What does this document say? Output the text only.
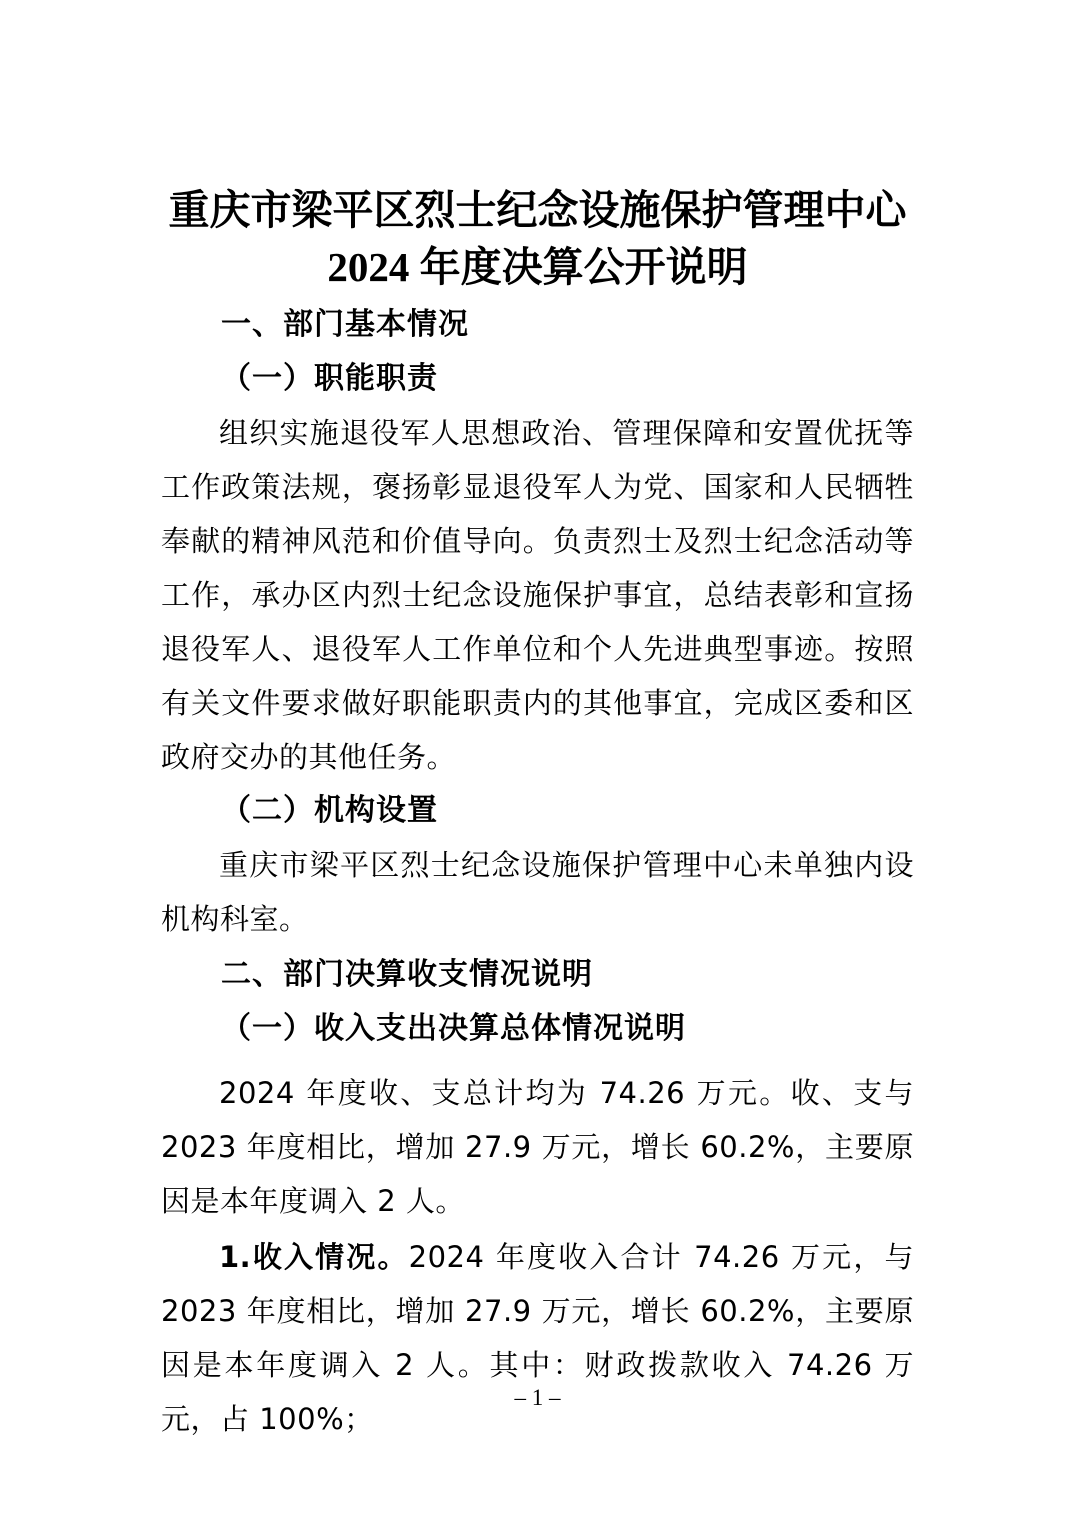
重庆市梁平区烈士纪念设施保护管理中心
2024 年度决算公开说明
一、部门基本情况
（一）职能职责

组织实施退役军人思想政治、管理保障和安置优抚等工作政策法规，褒扬彰显退役军人为党、国家和人民牺牲奉献的精神风范和价值导向。负责烈士及烈士纪念活动等工作，承办区内烈士纪念设施保护事宜，总结表彰和宣扬退役军人、退役军人工作单位和个人先进典型事迹。按照有关文件要求做好职能职责内的其他事宜，完成区委和区政府交办的其他任务。

（二）机构设置

重庆市梁平区烈士纪念设施保护管理中心未单独内设机构科室。

二、部门决算收支情况说明
（一）收入支出决算总体情况说明

2024 年度收、支总计均为 74.26 万元。收、支与 2023 年度相比，增加 27.9 万元，增长 60.2%，主要原因是本年度调入 2 人。

1.收入情况。2024 年度收入合计 74.26 万元，与 2023 年度相比，增加 27.9 万元，增长 60.2%，主要原因是本年度调入 2 人。其中：财政拨款收入 74.26 万元，占 100%；

– 1 –
